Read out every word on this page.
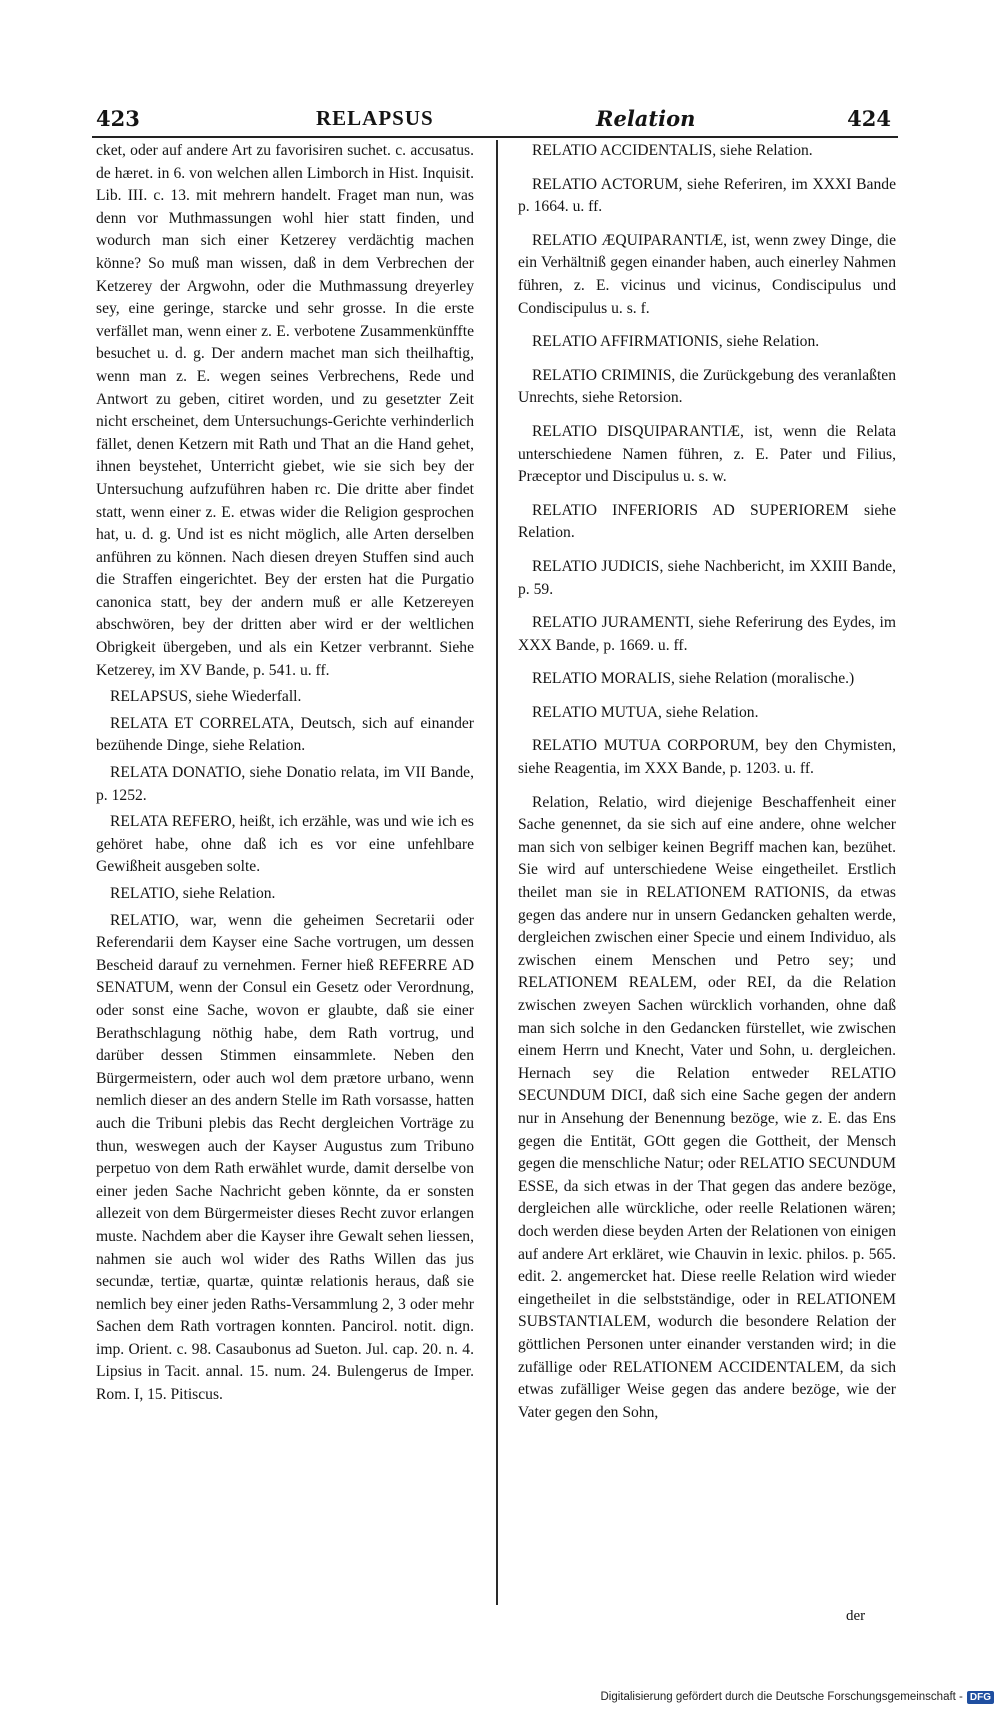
423	RELAPSUS	Relation	424

cket, oder auf andere Art zu favorisiren suchet. c. accusatus. de hæret. in 6. von welchen allen Limborch in Hist. Inquisit. Lib. III. c. 13. mit mehrern handelt. Fraget man nun, was denn vor Muthmassungen wohl hier statt finden, und wodurch man sich einer Ketzerey verdächtig machen könne? So muß man wissen, daß in dem Verbrechen der Ketzerey der Argwohn, oder die Muthmassung dreyerley sey, eine geringe, starcke und sehr grosse. In die erste verfället man, wenn einer z. E. verbotene Zusammenkünffte besuchet u. d. g. Der andern machet man sich theilhaftig, wenn man z. E. wegen seines Verbrechens, Rede und Antwort zu geben, citiret worden, und zu gesetzter Zeit nicht erscheinet, dem Untersuchungs-Gerichte verhinderlich fället, denen Ketzern mit Rath und That an die Hand gehet, ihnen beystehet, Unterricht giebet, wie sie sich bey der Untersuchung aufzuführen haben rc. Die dritte aber findet statt, wenn einer z. E. etwas wider die Religion gesprochen hat, u. d. g. Und ist es nicht möglich, alle Arten derselben anführen zu können. Nach diesen dreyen Stuffen sind auch die Straffen eingerichtet. Bey der ersten hat die Purgatio canonica statt, bey der andern muß er alle Ketzereyen abschwören, bey der dritten aber wird er der weltlichen Obrigkeit übergeben, und als ein Ketzer verbrannt. Siehe Ketzerey, im XV Bande, p. 541. u. ff.

RELAPSUS, siehe Wiederfall.

RELATA ET CORRELATA, Deutsch, sich auf einander bezühende Dinge, siehe Relation.

RELATA DONATIO, siehe Donatio relata, im VII Bande, p. 1252.

RELATA REFERO, heißt, ich erzähle, was und wie ich es gehöret habe, ohne daß ich es vor eine unfehlbare Gewißheit ausgeben solte.

RELATIO, siehe Relation.

RELATIO, war, wenn die geheimen Secretarii oder Referendarii dem Kayser eine Sache vortrugen, um dessen Bescheid darauf zu vernehmen. Ferner hieß REFERRE AD SENATUM, wenn der Consul ein Gesetz oder Verordnung, oder sonst eine Sache, wovon er glaubte, daß sie einer Berathschlagung nöthig habe, dem Rath vortrug, und darüber dessen Stimmen einsammlete. Neben den Bürgermeistern, oder auch wol dem prætore urbano, wenn nemlich dieser an des andern Stelle im Rath vorsasse, hatten auch die Tribuni plebis das Recht dergleichen Vorträge zu thun, weswegen auch der Kayser Augustus zum Tribuno perpetuo von dem Rath erwählet wurde, damit derselbe von einer jeden Sache Nachricht geben könnte, da er sonsten allezeit von dem Bürgermeister dieses Recht zuvor erlangen muste. Nachdem aber die Kayser ihre Gewalt sehen liessen, nahmen sie auch wol wider des Raths Willen das jus secundæ, tertiæ, quartæ, quintæ relationis heraus, daß sie nemlich bey einer jeden Raths-Versammlung 2, 3 oder mehr Sachen dem Rath vortragen konnten. Pancirol. notit. dign. imp. Orient. c. 98. Casaubonus ad Sueton. Jul. cap. 20. n. 4. Lipsius in Tacit. annal. 15. num. 24. Bulengerus de Imper. Rom. I, 15. Pitiscus.

RELATIO ACCIDENTALIS, siehe Relation.

RELATIO ACTORUM, siehe Referiren, im XXXI Bande p. 1664. u. ff.

RELATIO ÆQUIPARANTIÆ, ist, wenn zwey Dinge, die ein Verhältniß gegen einander haben, auch einerley Nahmen führen, z. E. vicinus und vicinus, Condiscipulus und Condiscipulus u. s. f.

RELATIO AFFIRMATIONIS, siehe Relation.

RELATIO CRIMINIS, die Zurückgebung des veranlaßten Unrechts, siehe Retorsion.

RELATIO DISQUIPARANTIÆ, ist, wenn die Relata unterschiedene Namen führen, z. E. Pater und Filius, Præceptor und Discipulus u. s. w.

RELATIO INFERIORIS AD SUPERIOREM siehe Relation.

RELATIO JUDICIS, siehe Nachbericht, im XXIII Bande, p. 59.

RELATIO JURAMENTI, siehe Referirung des Eydes, im XXX Bande, p. 1669. u. ff.

RELATIO MORALIS, siehe Relation (moralische.)

RELATIO MUTUA, siehe Relation.

RELATIO MUTUA CORPORUM, bey den Chymisten, siehe Reagentia, im XXX Bande, p. 1203. u. ff.

Relation, Relatio, wird diejenige Beschaffenheit einer Sache genennet, da sie sich auf eine andere, ohne welcher man sich von selbiger keinen Begriff machen kan, bezühet. Sie wird auf unterschiedene Weise eingetheilet. Erstlich theilet man sie in RELATIONEM RATIONIS, da etwas gegen das andere nur in unsern Gedancken gehalten werde, dergleichen zwischen einer Specie und einem Individuo, als zwischen einem Menschen und Petro sey; und RELATIONEM REALEM, oder REI, da die Relation zwischen zweyen Sachen würcklich vorhanden, ohne daß man sich solche in den Gedancken fürstellet, wie zwischen einem Herrn und Knecht, Vater und Sohn, u. dergleichen. Hernach sey die Relation entweder RELATIO SECUNDUM DICI, daß sich eine Sache gegen der andern nur in Ansehung der Benennung bezöge, wie z. E. das Ens gegen die Entität, GOtt gegen die Gottheit, der Mensch gegen die menschliche Natur; oder RELATIO SECUNDUM ESSE, da sich etwas in der That gegen das andere bezöge, dergleichen alle würckliche, oder reelle Relationen wären; doch werden diese beyden Arten der Relationen von einigen auf andere Art erkläret, wie Chauvin in lexic. philos. p. 565. edit. 2. angemercket hat. Diese reelle Relation wird wieder eingetheilet in die selbstständige, oder in RELATIONEM SUBSTANTIALEM, wodurch die besondere Relation der göttlichen Personen unter einander verstanden wird; in die zufällige oder RELATIONEM ACCIDENTALEM, da sich etwas zufälliger Weise gegen das andere bezöge, wie der Vater gegen den Sohn,

der
Digitalisierung gefördert durch die Deutsche Forschungsgemeinschaft - DFG
